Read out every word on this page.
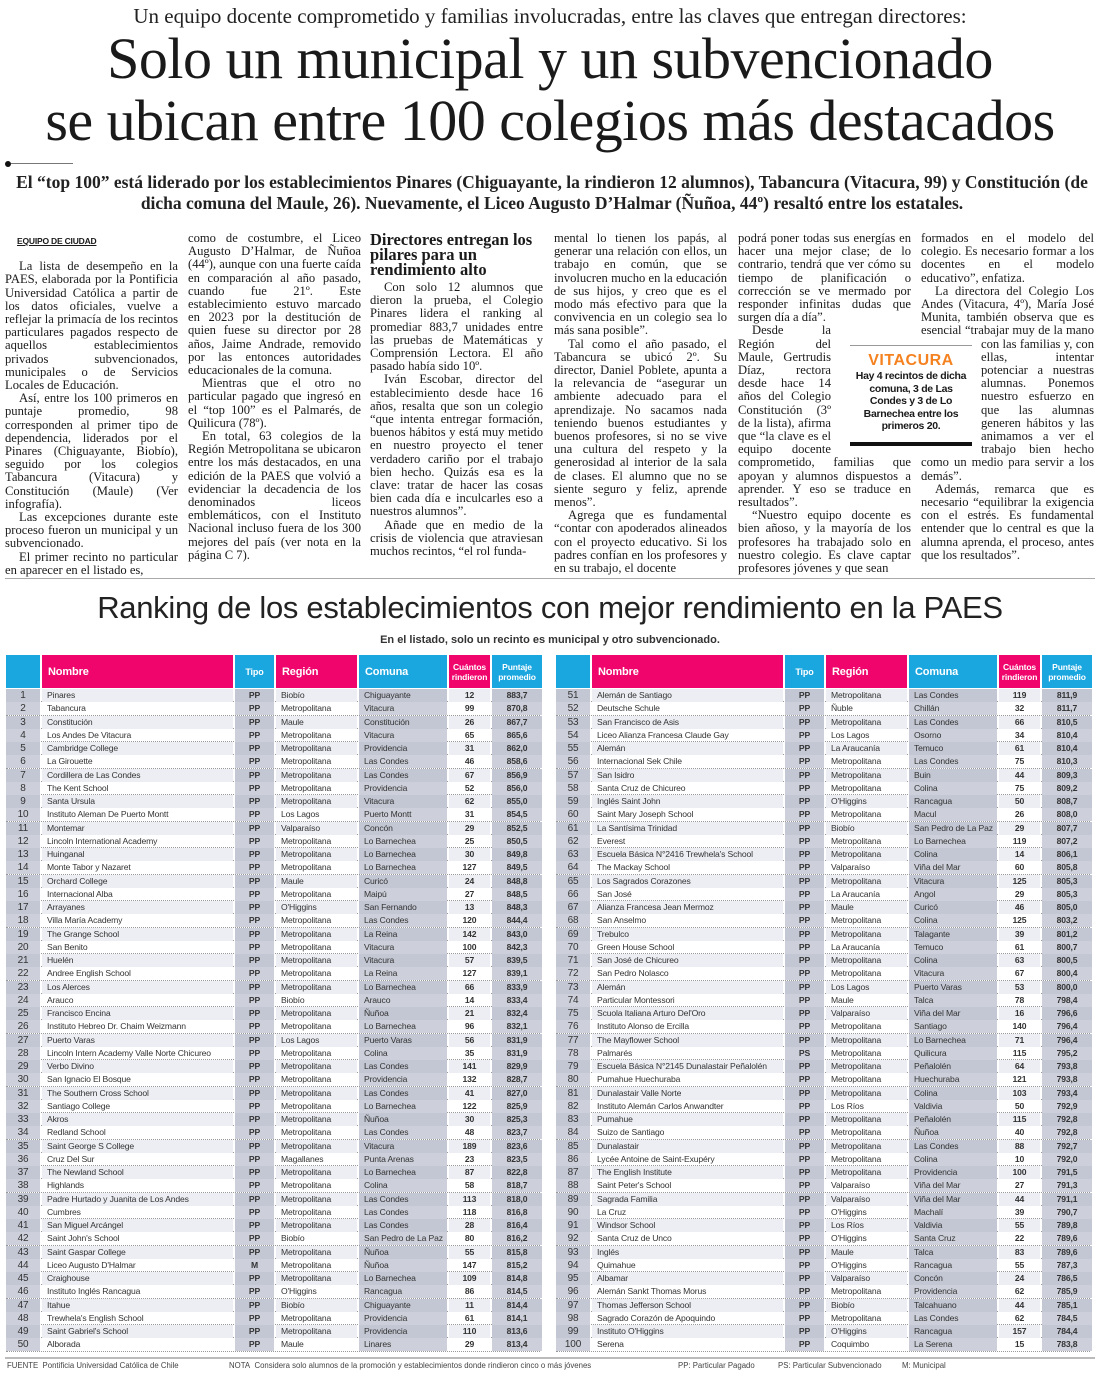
Un equipo docente comprometido y familias involucradas, entre las claves que entregan directores:
Solo un municipal y un subvencionado
se ubican entre 100 colegios más destacados
El “top 100” está liderado por los establecimientos Pinares (Chiguayante, la rindieron 12 alumnos), Tabancura (Vitacura, 99) y Constitución (de dicha comuna del Maule, 26). Nuevamente, el Liceo Augusto D’Halmar (Ñuñoa, 44º) resaltó entre los estatales.
EQUIPO DE CIUDAD

La lista de desempeño en la PAES, elaborada por la Pontificia Universidad Católica a partir de los datos oficiales, vuelve a reflejar la primacía de los recintos particulares pagados respecto de aquellos establecimientos privados subvencionados, municipales o de Servicios Locales de Educación.

Así, entre los 100 primeros en puntaje promedio, 98 corresponden al primer tipo de dependencia, liderados por el Pinares (Chiguayante, Biobío), seguido por los colegios Tabancura (Vitacura) y Constitución (Maule) (Ver infografía).

Las excepciones durante este proceso fueron un municipal y un subvencionado.

El primer recinto no particular en aparecer en el listado es,

como de costumbre, el Liceo Augusto D’Halmar, de Ñuñoa (44º), aunque con una fuerte caída en comparación al año pasado, cuando fue 21º. Este establecimiento estuvo marcado en 2023 por la destitución de quien fuese su director por 28 años, Jaime Andrade, removido por las entonces autoridades educacionales de la comuna.

Mientras que el otro no particular pagado que ingresó en el “top 100” es el Palmarés, de Quilicura (78º).

En total, 63 colegios de la Región Metropolitana se ubicaron entre los más destacados, en una edición de la PAES que volvió a evidenciar la decadencia de los denominados liceos emblemáticos, con el Instituto Nacional incluso fuera de los 300 mejores del país (ver nota en la página C 7).

Directores entregan los pilares para un rendimiento alto

Con solo 12 alumnos que dieron la prueba, el Colegio Pinares lidera el ranking al promediar 883,7 unidades entre las pruebas de Matemáticas y Comprensión Lectora. El año pasado había sido 10º.

Iván Escobar, director del establecimiento desde hace 16 años, resalta que son un colegio “que intenta entregar formación, buenos hábitos y está muy metido en nuestro proyecto el tener verdadero cariño por el trabajo bien hecho. Quizás esa es la clave: tratar de hacer las cosas bien cada día e inculcarles eso a nuestros alumnos”.

Añade que en medio de la crisis de violencia que atraviesan muchos recintos, “el rol funda-

mental lo tienen los papás, al generar una relación con ellos, un trabajo en común, que se involucren mucho en la educación de sus hijos, y creo que es el modo más efectivo para que la convivencia en un colegio sea lo más sana posible”.

Tal como el año pasado, el Tabancura se ubicó 2º. Su director, Daniel Poblete, apunta a la relevancia de “asegurar un ambiente adecuado para el aprendizaje. No sacamos nada teniendo buenos estudiantes y buenos profesores, si no se vive una cultura del respeto y la generosidad al interior de la sala de clases. El alumno que no se siente seguro y feliz, aprende menos”.

Agrega que es fundamental “contar con apoderados alineados con el proyecto educativo. Si los padres confían en los profesores y en su trabajo, el docente

podrá poner todas sus energías en hacer una mejor clase; de lo contrario, tendrá que ver cómo su tiempo de planificación o corrección se ve mermado por responder infinitas dudas que surgen día a día”.

Desde la Región del Maule, Gertrudis Díaz, rectora desde hace 14 años del Colegio Constitución (3º de la lista), afirma que “la clave es el equipo docente comprometido, familias que apoyan y alumnos dispuestos a aprender. Y eso se traduce en resultados”.

“Nuestro equipo docente es bien añoso, y la mayoría de los profesores ha trabajado solo en nuestro colegio. Es clave captar profesores jóvenes y que sean

formados en el modelo del colegio. Es necesario formar a los docentes en el modelo educativo”, enfatiza.

La directora del Colegio Los Andes (Vitacura, 4º), María José Munita, también observa que es esencial “trabajar muy de la mano con las familias y, con ellas, intentar potenciar a nuestras alumnas. Ponemos nuestro esfuerzo en que las alumnas generen hábitos y las animamos a ver el trabajo bien hecho como un medio para servir a los demás”.

Además, remarca que es necesario “equilibrar la exigencia con el estrés. Es fundamental entender que lo central es que la alumna aprenda, el proceso, antes que los resultados”.

VITACURA
Hay 4 recintos de dicha comuna, 3 de Las Condes y 3 de Lo Barnechea entre los primeros 20.
Ranking de los establecimientos con mejor rendimiento en la PAES
En el listado, solo un recinto es municipal y otro subvencionado.
Nombre	Tipo	Región	Comuna	Cuántos rindieron
Puntaje promedio
1	Pinares	PP	Biobío	Chiguayante	12	883,7
2	Tabancura	PP	Metropolitana	Vitacura	99	870,8
3	Constitución	PP	Maule	Constitución	26	867,7
4	Los Andes De Vitacura	PP	Metropolitana	Vitacura	65	865,6
5	Cambridge College	PP	Metropolitana	Providencia	31	862,0
6	La Girouette	PP	Metropolitana	Las Condes	46	858,6
7	Cordillera de Las Condes	PP	Metropolitana	Las Condes	67	856,9
8	The Kent School	PP	Metropolitana	Providencia	52	856,0
9	Santa Ursula	PP	Metropolitana	Vitacura	62	855,0
10	Instituto Aleman De Puerto Montt	PP	Los Lagos	Puerto Montt	31	854,5
11	Montemar	PP	Valparaíso	Concón	29	852,5
12	Lincoln International Academy	PP	Metropolitana	Lo Barnechea	25	850,5
13	Huinganal	PP	Metropolitana	Lo Barnechea	30	849,8
14	Monte Tabor y Nazaret	PP	Metropolitana	Lo Barnechea	127	849,5
15	Orchard College	PP	Maule	Curicó	24	848,8
16	Internacional Alba	PP	Metropolitana	Maipú	27	848,5
17	Arrayanes	PP	O'Higgins	San Fernando	13	848,3
18	Villa María Academy	PP	Metropolitana	Las Condes	120	844,4
19	The Grange School	PP	Metropolitana	La Reina	142	843,0
20	San Benito	PP	Metropolitana	Vitacura	100	842,3
21	Huelén	PP	Metropolitana	Vitacura	57	839,5
22	Andree English School	PP	Metropolitana	La Reina	127	839,1
23	Los Alerces	PP	Metropolitana	Lo Barnechea	66	833,9
24	Arauco	PP	Biobío	Arauco	14	833,4
25	Francisco Encina	PP	Metropolitana	Ñuñoa	21	832,4
26	Instituto Hebreo Dr. Chaim Weizmann	PP	Metropolitana	Lo Barnechea	96	832,1
27	Puerto Varas	PP	Los Lagos	Puerto Varas	56	831,9
28	Lincoln Intern Academy Valle Norte Chicureo	PP	Metropolitana	Colina	35	831,9
29	Verbo Divino	PP	Metropolitana	Las Condes	141	829,9
30	San Ignacio El Bosque	PP	Metropolitana	Providencia	132	828,7
31	The Southern Cross School	PP	Metropolitana	Las Condes	41	827,0
32	Santiago College	PP	Metropolitana	Lo Barnechea	122	825,9
33	Akros	PP	Metropolitana	Ñuñoa	30	825,3
34	Redland School	PP	Metropolitana	Las Condes	48	823,7
35	Saint George S College	PP	Metropolitana	Vitacura	189	823,6
36	Cruz Del Sur	PP	Magallanes	Punta Arenas	23	823,5
37	The Newland School	PP	Metropolitana	Lo Barnechea	87	822,8
38	Highlands	PP	Metropolitana	Colina	58	818,7
39	Padre Hurtado y Juanita de Los Andes	PP	Metropolitana	Las Condes	113	818,0
40	Cumbres	PP	Metropolitana	Las Condes	118	816,8
41	San Miguel Arcángel	PP	Metropolitana	Las Condes	28	816,4
42	Saint John's School	PP	Biobío	San Pedro de La Paz	80	816,2
43	Saint Gaspar College	PP	Metropolitana	Ñuñoa	55	815,8
44	Liceo Augusto D'Halmar	M	Metropolitana	Ñuñoa	147	815,2
45	Craighouse	PP	Metropolitana	Lo Barnechea	109	814,8
46	Instituto Inglés Rancagua	PP	O'Higgins	Rancagua	86	814,5
47	Itahue	PP	Biobío	Chiguayante	11	814,4
48	Trewhela's English School	PP	Metropolitana	Providencia	61	814,1
49	Saint Gabriel's School	PP	Metropolitana	Providencia	110	813,6
50	Alborada	PP	Maule	Linares	29	813,4
Nombre	Tipo	Región	Comuna	Cuántos rindieron
Puntaje promedio
51	Alemán de Santiago	PP	Metropolitana	Las Condes	119	811,9
52	Deutsche Schule	PP	Ñuble	Chillán	32	811,7
53	San Francisco de Asis	PP	Metropolitana	Las Condes	66	810,5
54	Liceo Alianza Francesa Claude Gay	PP	Los Lagos	Osorno	34	810,4
55	Alemán	PP	La Araucanía	Temuco	61	810,4
56	Internacional Sek Chile	PP	Metropolitana	Las Condes	75	810,3
57	San Isidro	PP	Metropolitana	Buin	44	809,3
58	Santa Cruz de Chicureo	PP	Metropolitana	Colina	75	809,2
59	Inglés Saint John	PP	O'Higgins	Rancagua	50	808,7
60	Saint Mary Joseph School	PP	Metropolitana	Macul	26	808,0
61	La Santísima Trinidad	PP	Biobío	San Pedro de La Paz	29	807,7
62	Everest	PP	Metropolitana	Lo Barnechea	119	807,2
63	Escuela Básica N°2416 Trewhela's School	PP	Metropolitana	Colina	14	806,1
64	The Mackay School	PP	Valparaíso	Viña del Mar	60	805,8
65	Los Sagrados Corazones	PP	Metropolitana	Vitacura	125	805,3
66	San José	PP	La Araucanía	Angol	29	805,3
67	Alianza Francesa Jean Mermoz	PP	Maule	Curicó	46	805,0
68	San Anselmo	PP	Metropolitana	Colina	125	803,2
69	Trebulco	PP	Metropolitana	Talagante	39	801,2
70	Green House School	PP	La Araucanía	Temuco	61	800,7
71	San José de Chicureo	PP	Metropolitana	Colina	63	800,5
72	San Pedro Nolasco	PP	Metropolitana	Vitacura	67	800,4
73	Alemán	PP	Los Lagos	Puerto Varas	53	800,0
74	Particular Montessori	PP	Maule	Talca	78	798,4
75	Scuola Italiana Arturo Del'Oro	PP	Valparaíso	Viña del Mar	16	796,6
76	Instituto Alonso de Ercilla	PP	Metropolitana	Santiago	140	796,4
77	The Mayflower School	PP	Metropolitana	Lo Barnechea	71	796,4
78	Palmarés	PS	Metropolitana	Quilicura	115	795,2
79	Escuela Básica N°2145 Dunalastair Peñalolén	PP	Metropolitana	Peñalolén	64	793,8
80	Pumahue Huechuraba	PP	Metropolitana	Huechuraba	121	793,8
81	Dunalastair Valle Norte	PP	Metropolitana	Colina	103	793,4
82	Instituto Alemán Carlos Anwandter	PP	Los Ríos	Valdivia	50	792,9
83	Pumahue	PP	Metropolitana	Peñalolén	115	792,8
84	Suizo de Santiago	PP	Metropolitana	Ñuñoa	40	792,8
85	Dunalastair	PP	Metropolitana	Las Condes	88	792,7
86	Lycée Antoine de Saint-Exupéry	PP	Metropolitana	Colina	10	792,0
87	The English Institute	PP	Metropolitana	Providencia	100	791,5
88	Saint Peter's School	PP	Valparaíso	Viña del Mar	27	791,3
89	Sagrada Familia	PP	Valparaíso	Viña del Mar	44	791,1
90	La Cruz	PP	O'Higgins	Machalí	39	790,7
91	Windsor School	PP	Los Ríos	Valdivia	55	789,8
92	Santa Cruz de Unco	PP	O'Higgins	Santa Cruz	22	789,6
93	Inglés	PP	Maule	Talca	83	789,6
94	Quimahue	PP	O'Higgins	Rancagua	55	787,3
95	Albamar	PP	Valparaíso	Concón	24	786,5
96	Alemán Sankt Thomas Morus	PP	Metropolitana	Providencia	62	785,9
97	Thomas Jefferson School	PP	Biobío	Talcahuano	44	785,1
98	Sagrado Corazón de Apoquindo	PP	Metropolitana	Las Condes	62	784,5
99	Instituto O'Higgins	PP	O'Higgins	Rancagua	157	784,4
100	Serena	PP	Coquimbo	La Serena	15	783,8
FUENTE Pontificia Universidad Católica de Chile	NOTA Considera solo alumnos de la promoción y establecimientos donde rindieron cinco o más jóvenes	PP: Particular Pagado	PS: Particular Subvencionado	M: Municipal
